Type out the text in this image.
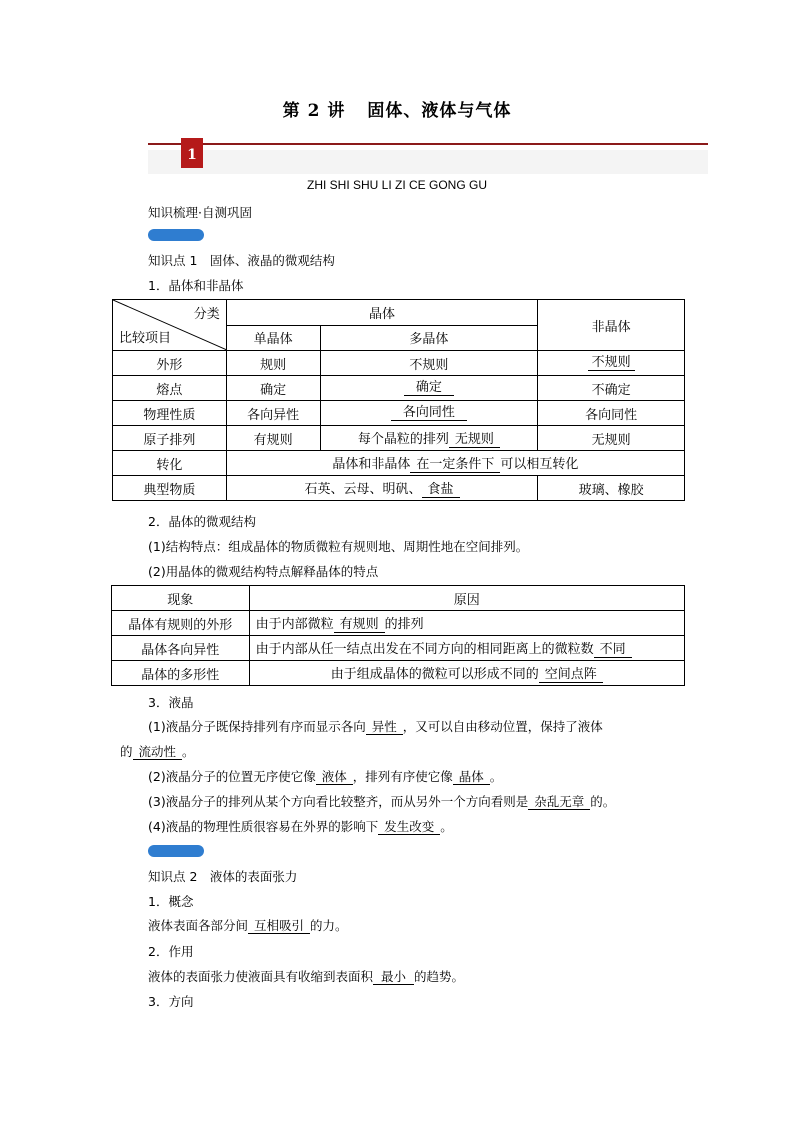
第 2 讲 固体、液体与气体
1
ZHI SHI SHU LI ZI CE GONG GU
知识梳理·自测巩固
知识点 1　固体、液晶的微观结构
1．晶体和非晶体
分类
比较项目	晶体		非晶体
	单晶体	多晶体	
外形	规则	不规则	不规则
熔点	确定	确定	不确定
物理性质	各向异性	各向同性	各向同性
原子排列	有规则	每个晶粒的排列 无规则	无规则
转化	晶体和非晶体 在一定条件下 可以相互转化		
典型物质	石英、云母、明矾、 食盐		玻璃、橡胶
2．晶体的微观结构
(1)结构特点：组成晶体的物质微粒有规则地、周期性地在空间排列。
(2)用晶体的微观结构特点解释晶体的特点
现象	原因
晶体有规则的外形	由于内部微粒 有规则 的排列
晶体各向异性	由于内部从任一结点出发在不同方向的相同距离上的微粒数 不同
晶体的多形性	由于组成晶体的微粒可以形成不同的 空间点阵
3．液晶
(1)液晶分子既保持排列有序而显示各向 异性 ，又可以自由移动位置，保持了液体
的 流动性 。
(2)液晶分子的位置无序使它像 液体 ，排列有序使它像 晶体 。
(3)液晶分子的排列从某个方向看比较整齐，而从另外一个方向看则是 杂乱无章 的。
(4)液晶的物理性质很容易在外界的影响下 发生改变 。
知识点 2　液体的表面张力
1．概念
液体表面各部分间 互相吸引 的力。
2．作用
液体的表面张力使液面具有收缩到表面积 最小 的趋势。
3．方向
